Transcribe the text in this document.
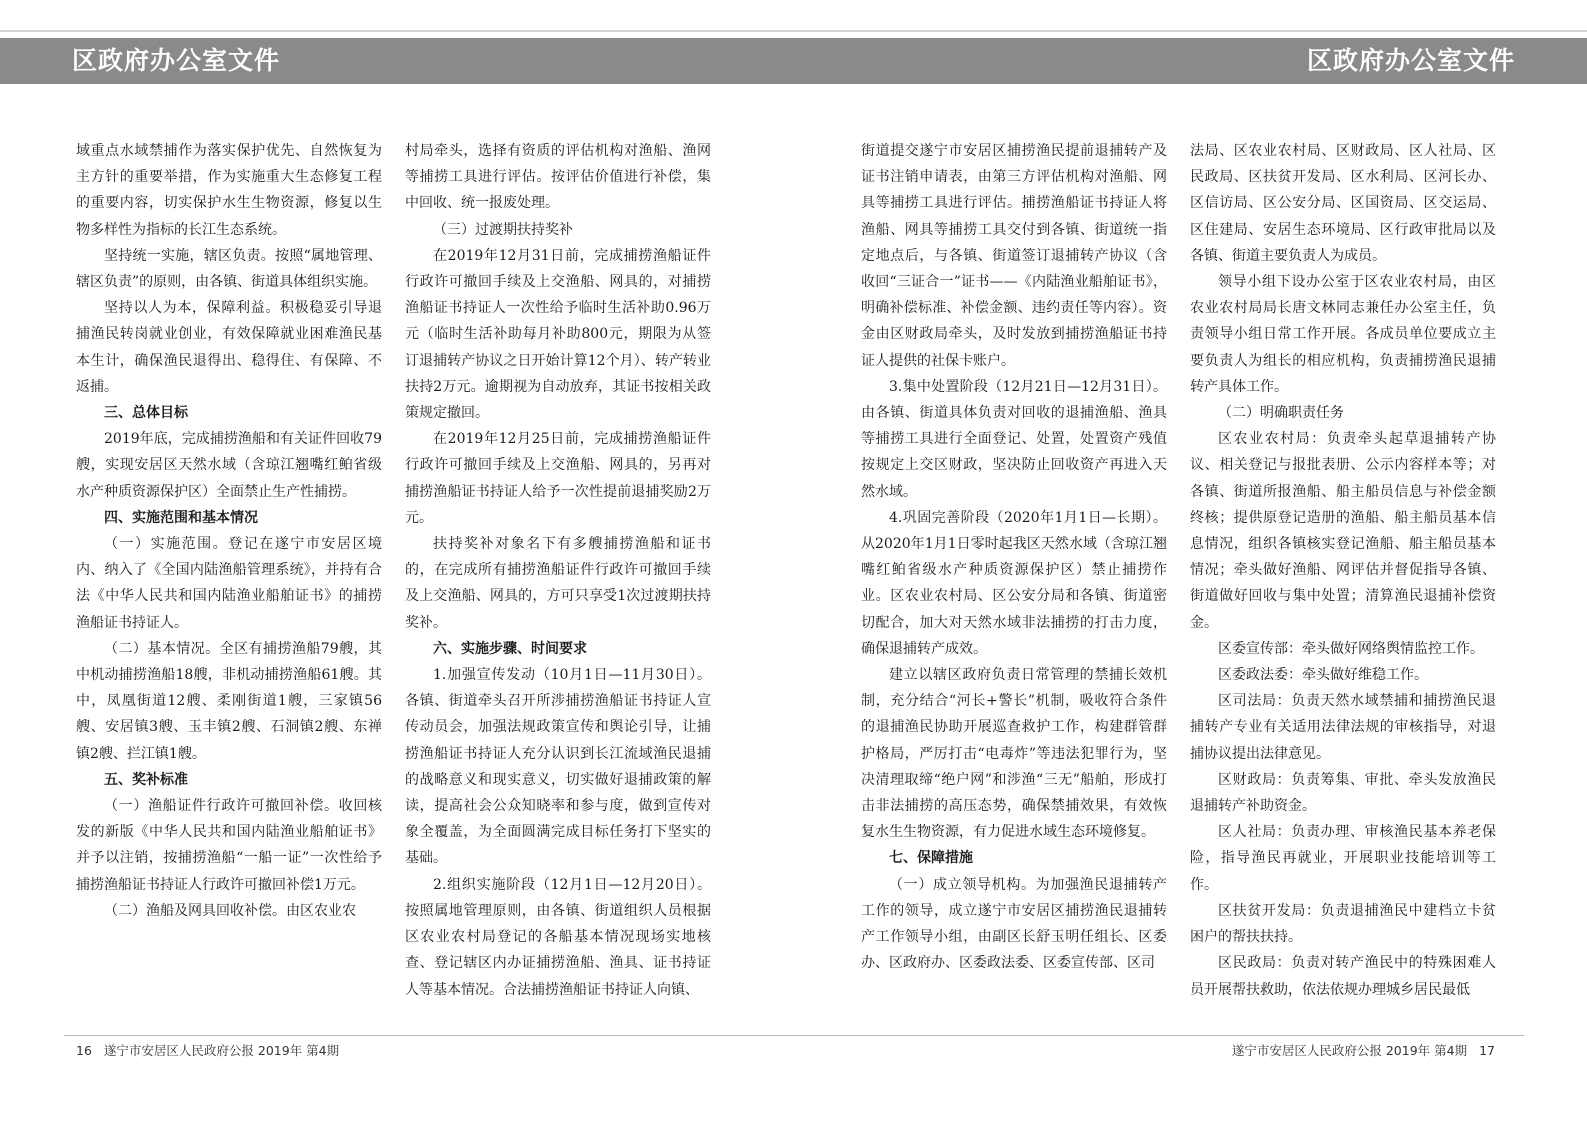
区政府办公室文件	区政府办公室文件

域重点水域禁捕作为落实保护优先、自然恢复为主方针的重要举措，作为实施重大生态修复工程的重要内容，切实保护水生生物资源，修复以生物多样性为指标的长江生态系统。

坚持统一实施，辖区负责。按照“属地管理、辖区负责”的原则，由各镇、街道具体组织实施。

坚持以人为本，保障利益。积极稳妥引导退捕渔民转岗就业创业，有效保障就业困难渔民基本生计，确保渔民退得出、稳得住、有保障、不返捕。

三、总体目标

2019年底，完成捕捞渔船和有关证件回收79艘，实现安居区天然水域（含琼江翘嘴红鲌省级水产种质资源保护区）全面禁止生产性捕捞。

四、实施范围和基本情况

（一）实施范围。登记在遂宁市安居区境内、纳入了《全国内陆渔船管理系统》，并持有合法《中华人民共和国内陆渔业船舶证书》的捕捞渔船证书持证人。

（二）基本情况。全区有捕捞渔船79艘，其中机动捕捞渔船18艘，非机动捕捞渔船61艘。其中，凤凰街道12艘、柔刚街道1艘，三家镇56艘、安居镇3艘、玉丰镇2艘、石洞镇2艘、东禅镇2艘、拦江镇1艘。

五、奖补标准

（一）渔船证件行政许可撤回补偿。收回核发的新版《中华人民共和国内陆渔业船舶证书》并予以注销，按捕捞渔船“一船一证”一次性给予捕捞渔船证书持证人行政许可撤回补偿1万元。

（二）渔船及网具回收补偿。由区农业农

村局牵头，选择有资质的评估机构对渔船、渔网等捕捞工具进行评估。按评估价值进行补偿，集中回收、统一报废处理。

（三）过渡期扶持奖补

在2019年12月31日前，完成捕捞渔船证件行政许可撤回手续及上交渔船、网具的，对捕捞渔船证书持证人一次性给予临时生活补助0.96万元（临时生活补助每月补助800元，期限为从签订退捕转产协议之日开始计算12个月）、转产转业扶持2万元。逾期视为自动放弃，其证书按相关政策规定撤回。

在2019年12月25日前，完成捕捞渔船证件行政许可撤回手续及上交渔船、网具的，另再对捕捞渔船证书持证人给予一次性提前退捕奖励2万元。

扶持奖补对象名下有多艘捕捞渔船和证书的，在完成所有捕捞渔船证件行政许可撤回手续及上交渔船、网具的，方可只享受1次过渡期扶持奖补。

六、实施步骤、时间要求

1.加强宣传发动（10月1日—11月30日）。各镇、街道牵头召开所涉捕捞渔船证书持证人宣传动员会，加强法规政策宣传和舆论引导，让捕捞渔船证书持证人充分认识到长江流域渔民退捕的战略意义和现实意义，切实做好退捕政策的解读，提高社会公众知晓率和参与度，做到宣传对象全覆盖，为全面圆满完成目标任务打下坚实的基础。

2.组织实施阶段（12月1日—12月20日）。按照属地管理原则，由各镇、街道组织人员根据区农业农村局登记的各船基本情况现场实地核查、登记辖区内办证捕捞渔船、渔具、证书持证人等基本情况。合法捕捞渔船证书持证人向镇、

街道提交遂宁市安居区捕捞渔民提前退捕转产及证书注销申请表，由第三方评估机构对渔船、网具等捕捞工具进行评估。捕捞渔船证书持证人将渔船、网具等捕捞工具交付到各镇、街道统一指定地点后，与各镇、街道签订退捕转产协议（含收回“三证合一”证书——《内陆渔业船舶证书》，明确补偿标准、补偿金额、违约责任等内容）。资金由区财政局牵头，及时发放到捕捞渔船证书持证人提供的社保卡账户。

3.集中处置阶段（12月21日—12月31日）。由各镇、街道具体负责对回收的退捕渔船、渔具等捕捞工具进行全面登记、处置，处置资产残值按规定上交区财政，坚决防止回收资产再进入天然水域。

4.巩固完善阶段（2020年1月1日—长期）。从2020年1月1日零时起我区天然水域（含琼江翘嘴红鲌省级水产种质资源保护区）禁止捕捞作业。区农业农村局、区公安分局和各镇、街道密切配合，加大对天然水域非法捕捞的打击力度，确保退捕转产成效。

建立以辖区政府负责日常管理的禁捕长效机制，充分结合“河长+警长”机制，吸收符合条件的退捕渔民协助开展巡查救护工作，构建群管群护格局，严厉打击“电毒炸”等违法犯罪行为，坚决清理取缔“绝户网”和涉渔“三无”船舶，形成打击非法捕捞的高压态势，确保禁捕效果，有效恢复水生生物资源，有力促进水域生态环境修复。

七、保障措施

（一）成立领导机构。为加强渔民退捕转产工作的领导，成立遂宁市安居区捕捞渔民退捕转产工作领导小组，由副区长舒玉明任组长、区委办、区政府办、区委政法委、区委宣传部、区司

法局、区农业农村局、区财政局、区人社局、区民政局、区扶贫开发局、区水利局、区河长办、区信访局、区公安分局、区国资局、区交运局、区住建局、安居生态环境局、区行政审批局以及各镇、街道主要负责人为成员。

领导小组下设办公室于区农业农村局，由区农业农村局局长唐文林同志兼任办公室主任，负责领导小组日常工作开展。各成员单位要成立主要负责人为组长的相应机构，负责捕捞渔民退捕转产具体工作。

（二）明确职责任务

区农业农村局：负责牵头起草退捕转产协议、相关登记与报批表册、公示内容样本等；对各镇、街道所报渔船、船主船员信息与补偿金额终核；提供原登记造册的渔船、船主船员基本信息情况，组织各镇核实登记渔船、船主船员基本情况；牵头做好渔船、网评估并督促指导各镇、街道做好回收与集中处置；清算渔民退捕补偿资金。

区委宣传部：牵头做好网络舆情监控工作。

区委政法委：牵头做好维稳工作。

区司法局：负责天然水域禁捕和捕捞渔民退捕转产专业有关适用法律法规的审核指导，对退捕协议提出法律意见。

区财政局：负责筹集、审批、牵头发放渔民退捕转产补助资金。

区人社局：负责办理、审核渔民基本养老保险，指导渔民再就业，开展职业技能培训等工作。

区扶贫开发局：负责退捕渔民中建档立卡贫困户的帮扶扶持。

区民政局：负责对转产渔民中的特殊困难人员开展帮扶救助，依法依规办理城乡居民最低

16 遂宁市安居区人民政府公报 2019年 第4期	遂宁市安居区人民政府公报 2019年 第4期 17
